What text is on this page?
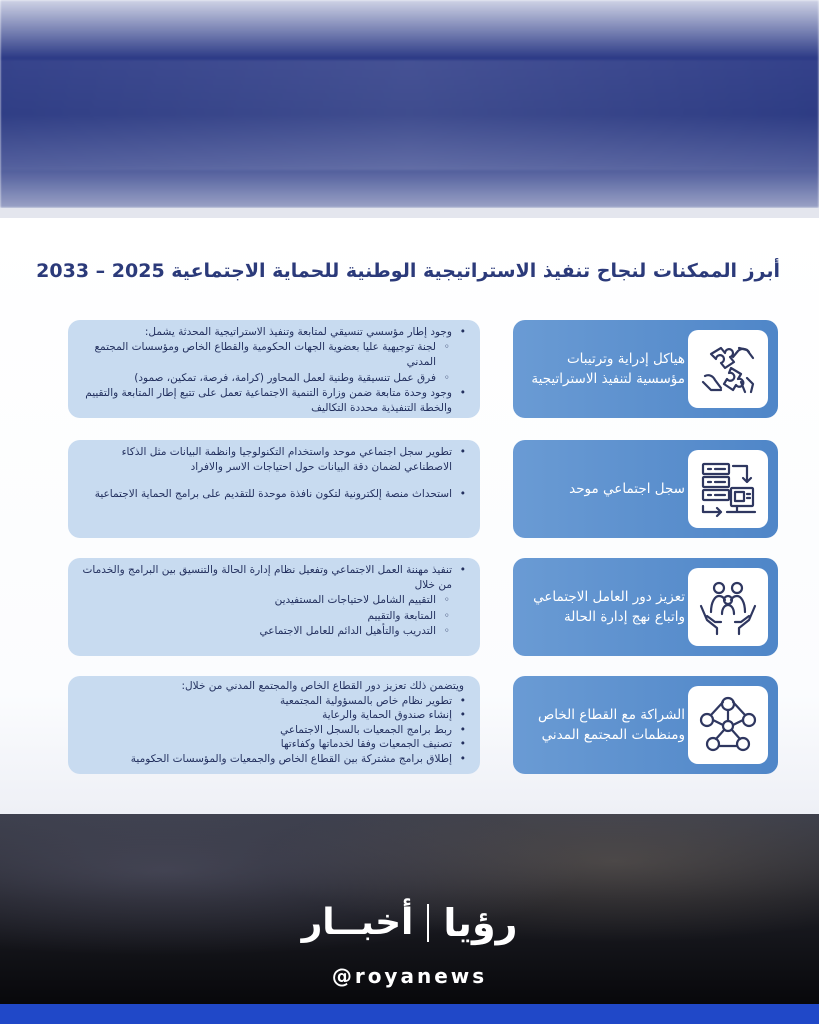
أبرز الممكنات لنجاح تنفيذ الاستراتيجية الوطنية للحماية الاجتماعية 2025 – 2033
هياكل إدراية وترتيبات مؤسسية لتنفيذ الاستراتيجية
• وجود إطار مؤسسي تنسيقي لمتابعة وتنفيذ الاستراتيجية المحدثة يشمل:
◦ لجنة توجيهية عليا بعضوية الجهات الحكومية والقطاع الخاص ومؤسسات المجتمع المدني
◦ فرق عمل تنسيقية وطنية لعمل المحاور (كرامة، فرصة، تمكين، صمود)
• وجود وحدة متابعة ضمن وزارة التنمية الاجتماعية تعمل على تتبع إطار المتابعة والتقييم والخطة التنفيذية محددة التكاليف
سجل اجتماعي موحد
• تطوير سجل اجتماعي موحد واستخدام التكنولوجيا وانظمة البيانات مثل الذكاء الاصطناعي لضمان دقة البيانات حول احتياجات الاسر والافراد
• استحداث منصة إلكترونية لتكون نافذة موحدة للتقديم على برامج الحماية الاجتماعية
تعزيز دور العامل الاجتماعي واتباع نهج إدارة الحالة
• تنفيذ مهننة العمل الاجتماعي وتفعيل نظام إدارة الحالة والتنسيق بين البرامج والخدمات من خلال
◦ التقييم الشامل لاحتياجات المستفيدين
◦ المتابعة والتقييم
◦ التدريب والتأهيل الدائم للعامل الاجتماعي
الشراكة مع القطاع الخاص ومنظمات المجتمع المدني
ويتضمن ذلك تعزيز دور القطاع الخاص والمجتمع المدني من خلال:
• تطوير نظام خاص بالمسؤولية المجتمعية
• إنشاء صندوق الحماية والرعاية
• ربط برامج الجمعيات بالسجل الاجتماعي
• تصنيف الجمعيات وفقا لخدماتها وكفاءتها
• إطلاق برامج مشتركة بين القطاع الخاص والجمعيات والمؤسسات الحكومية
رؤيا
أخبــار
@royanews
